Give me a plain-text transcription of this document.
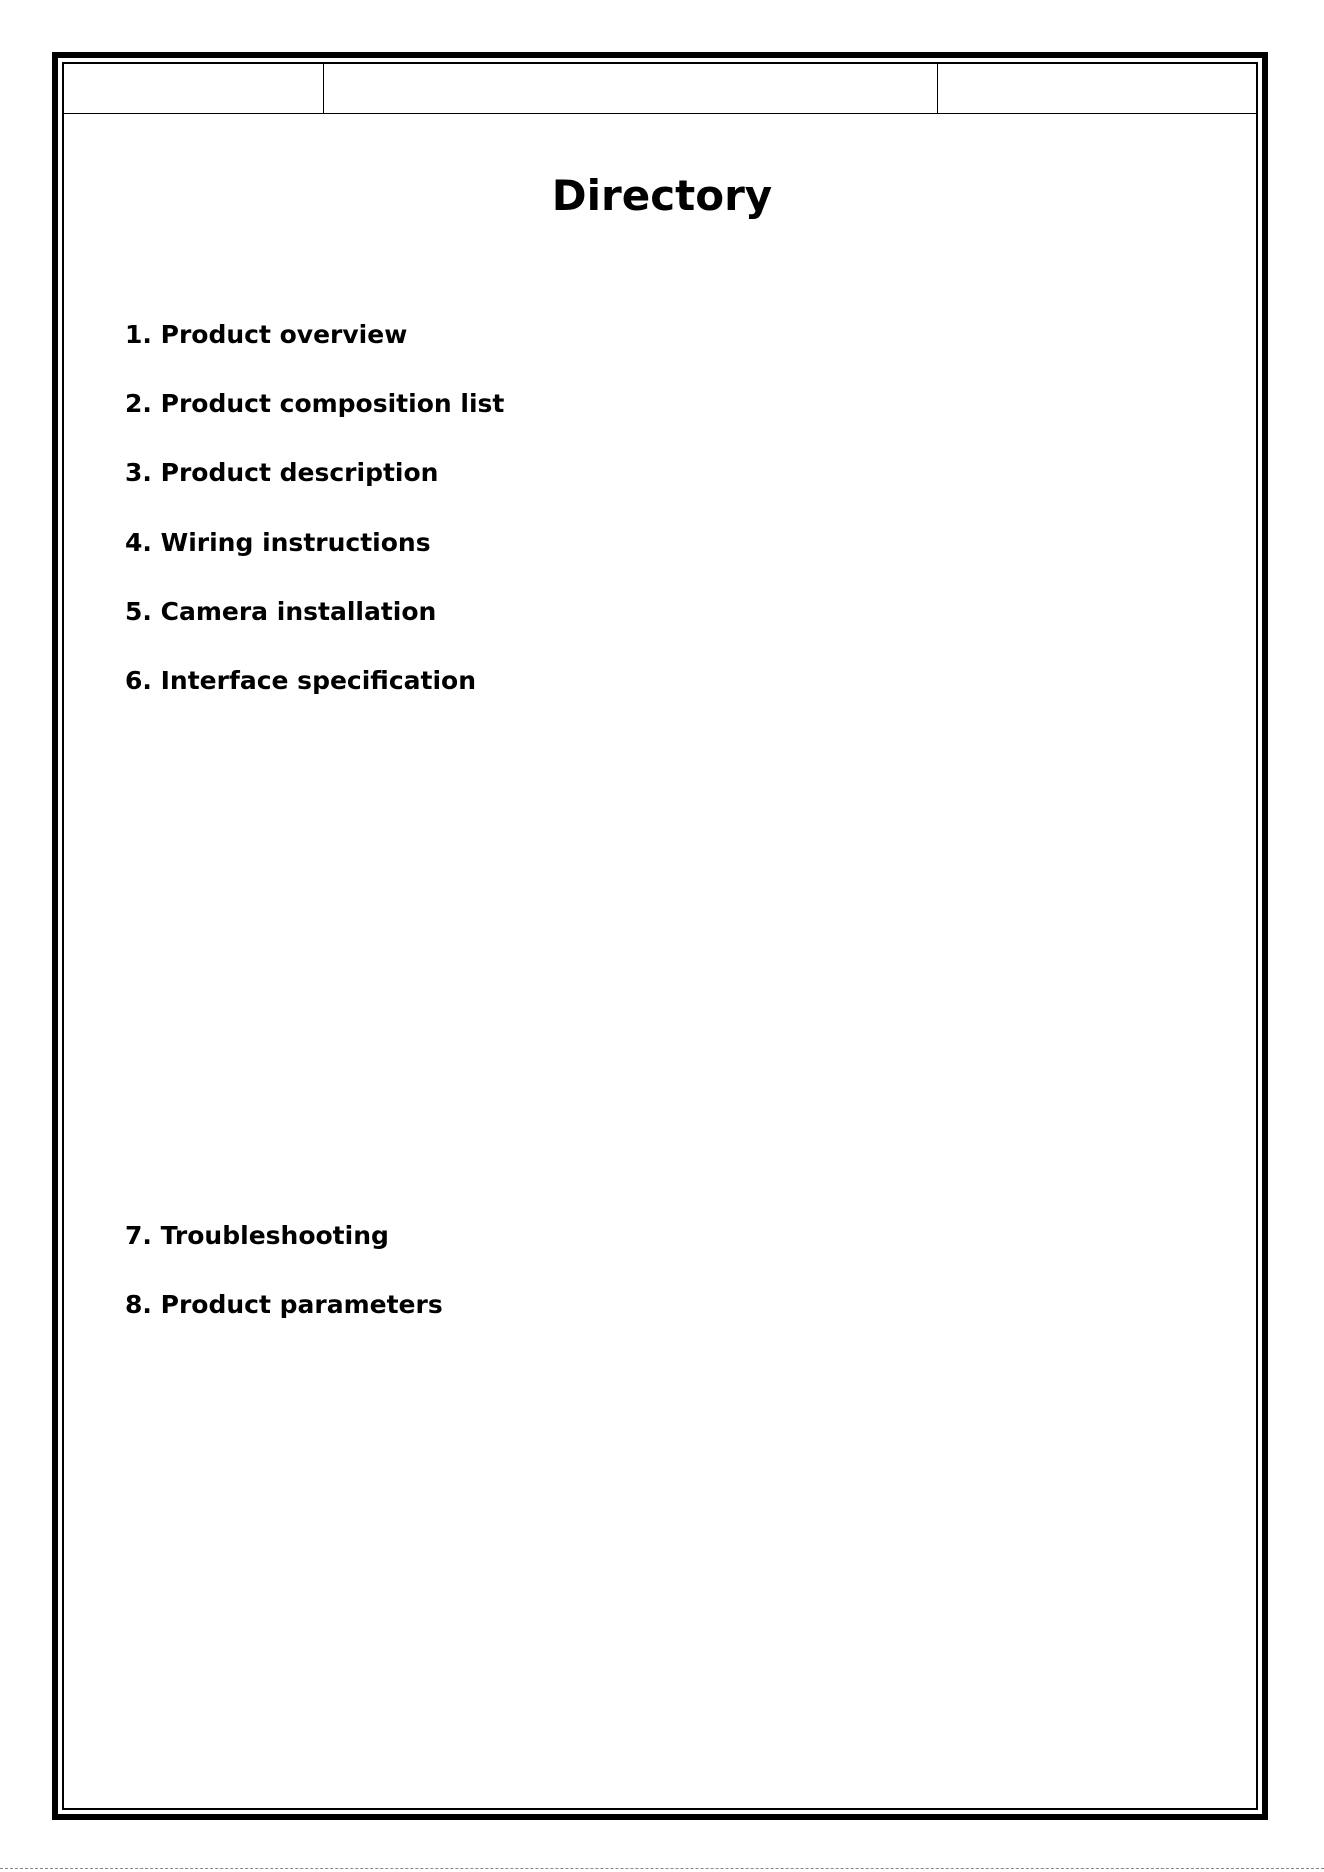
Directory
1. Product overview
2. Product composition list
3. Product description
4. Wiring instructions
5. Camera installation
6. Interface specification
7. Troubleshooting
8. Product parameters
